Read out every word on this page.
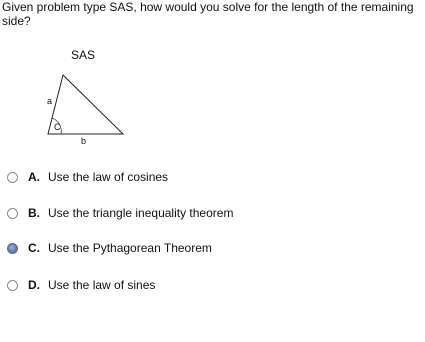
Given problem type SAS, how would you solve for the length of the remaining side?
SAS
a
C
b
A. Use the law of cosines
B. Use the triangle inequality theorem
C. Use the Pythagorean Theorem
D. Use the law of sines
